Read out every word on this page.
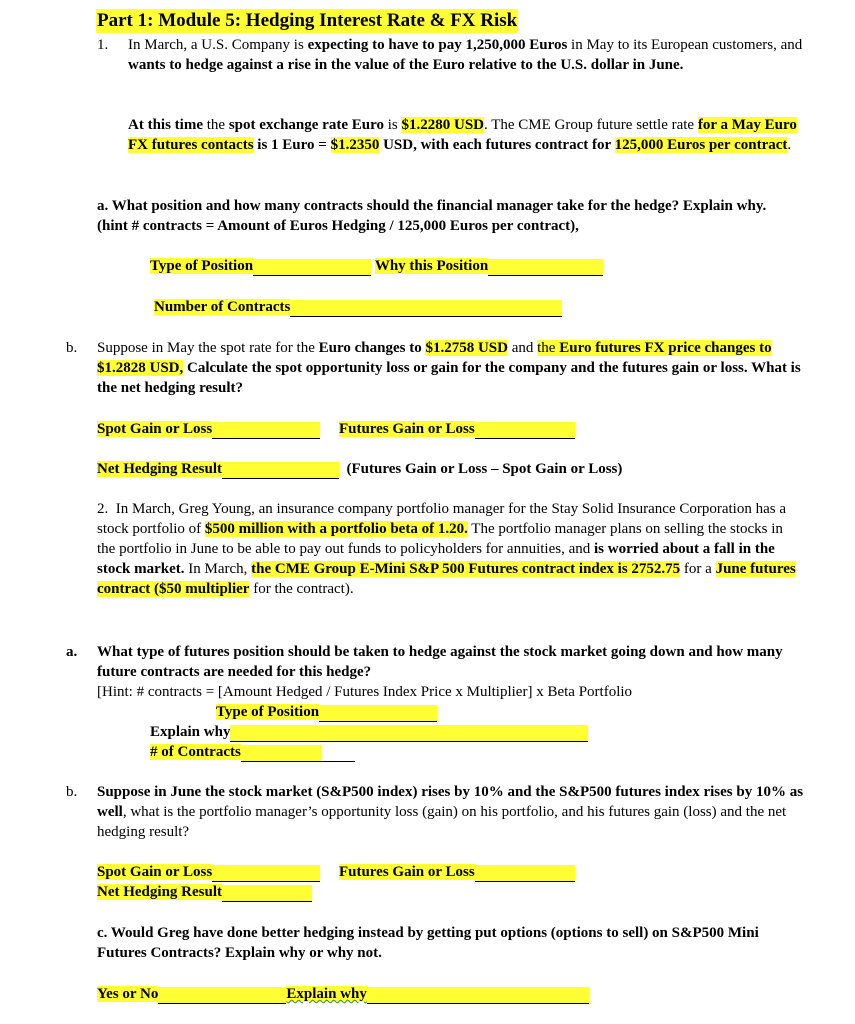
Part 1: Module 5: Hedging Interest Rate & FX Risk
1. In March, a U.S. Company is expecting to have to pay 1,250,000 Euros in May to its European customers, and wants to hedge against a rise in the value of the Euro relative to the U.S. dollar in June.
At this time the spot exchange rate Euro is $1.2280 USD. The CME Group future settle rate for a May Euro FX futures contacts is 1 Euro = $1.2350 USD, with each futures contract for 125,000 Euros per contract.
a. What position and how many contracts should the financial manager take for the hedge? Explain why. (hint # contracts = Amount of Euros Hedging / 125,000 Euros per contract),
Type of Position	Why this Position
Number of Contracts
b. Suppose in May the spot rate for the Euro changes to $1.2758 USD and the Euro futures FX price changes to $1.2828 USD, Calculate the spot opportunity loss or gain for the company and the futures gain or loss. What is the net hedging result?
Spot Gain or Loss	Futures Gain or Loss
Net Hedging Result	(Futures Gain or Loss – Spot Gain or Loss)
2. In March, Greg Young, an insurance company portfolio manager for the Stay Solid Insurance Corporation has a stock portfolio of $500 million with a portfolio beta of 1.20. The portfolio manager plans on selling the stocks in the portfolio in June to be able to pay out funds to policyholders for annuities, and is worried about a fall in the stock market. In March, the CME Group E-Mini S&P 500 Futures contract index is 2752.75 for a June futures contract ($50 multiplier for the contract).
a. What type of futures position should be taken to hedge against the stock market going down and how many future contracts are needed for this hedge?
[Hint: # contracts = [Amount Hedged / Futures Index Price x Multiplier] x Beta Portfolio
Type of Position
Explain why
# of Contracts
b. Suppose in June the stock market (S&P500 index) rises by 10% and the S&P500 futures index rises by 10% as well, what is the portfolio manager’s opportunity loss (gain) on his portfolio, and his futures gain (loss) and the net hedging result?
Spot Gain or Loss	Futures Gain or Loss
Net Hedging Result
c. Would Greg have done better hedging instead by getting put options (options to sell) on S&P500 Mini Futures Contracts? Explain why or why not.
Yes or No	Explain why
